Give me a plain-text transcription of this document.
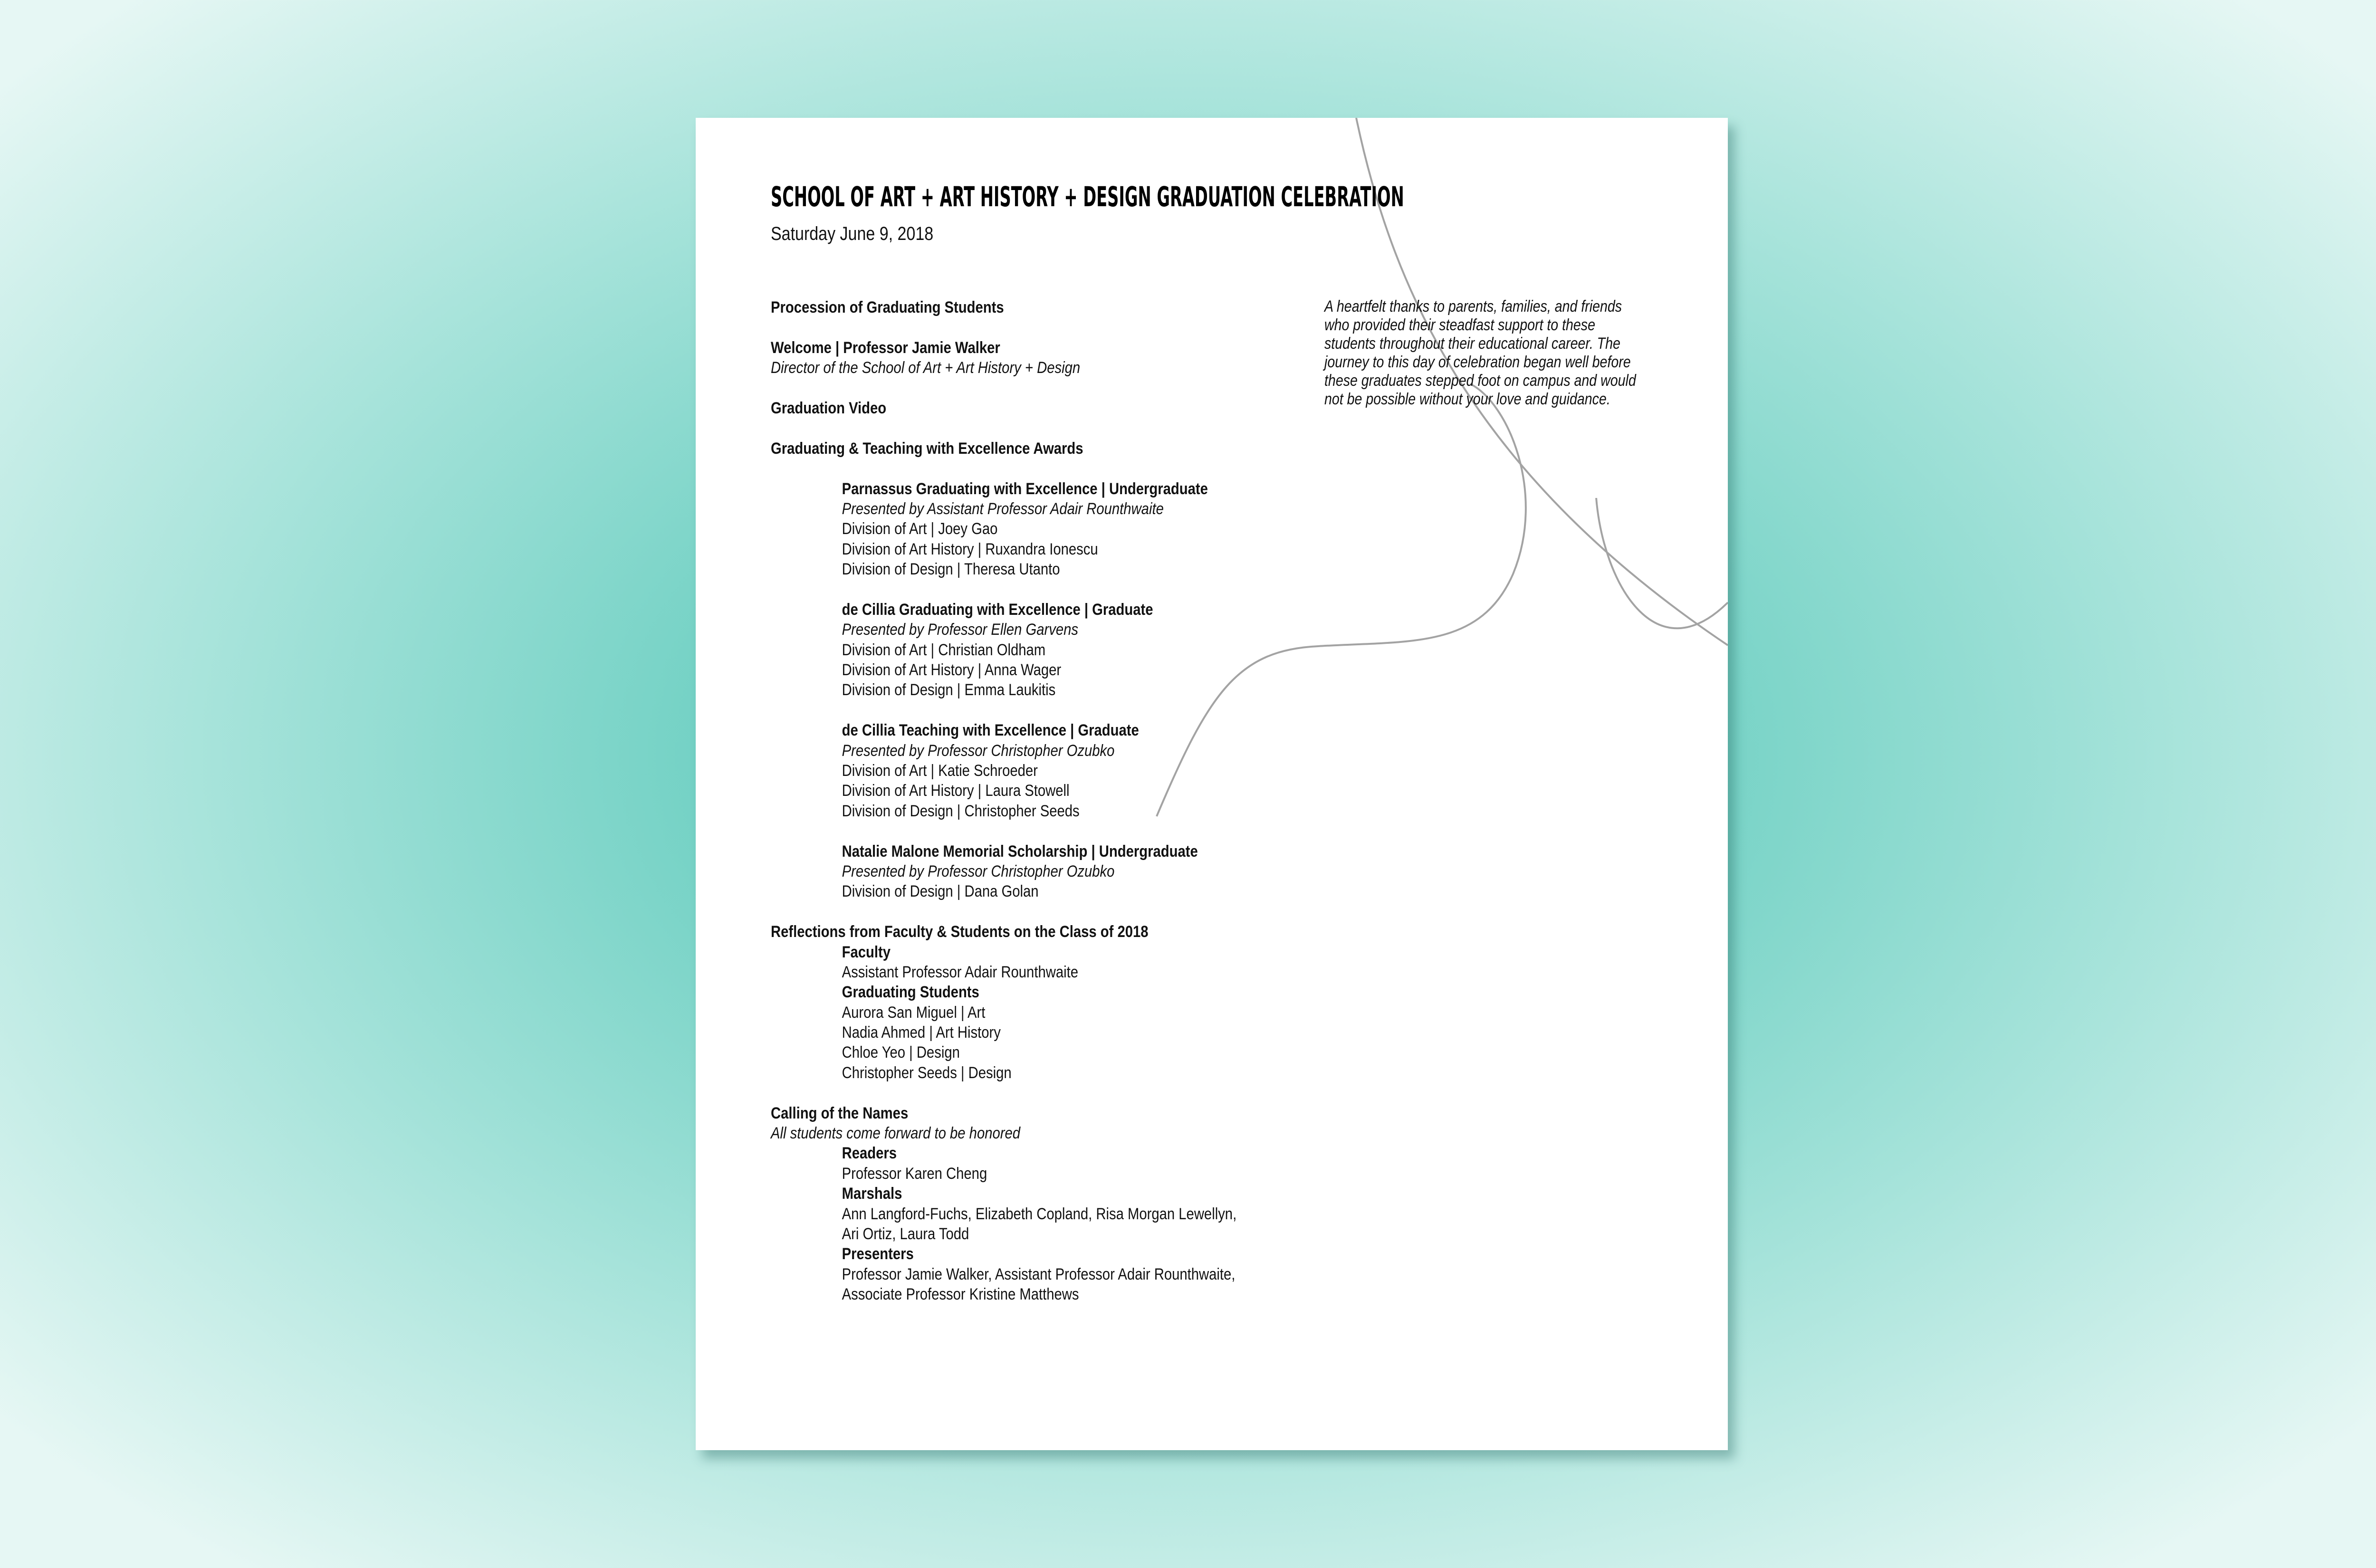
SCHOOL OF ART + ART HISTORY + DESIGN GRADUATION CELEBRATION
Saturday June 9, 2018
Procession of Graduating Students
Welcome | Professor Jamie Walker
Director of the School of Art + Art History + Design
Graduation Video
Graduating & Teaching with Excellence Awards
Parnassus Graduating with Excellence | Undergraduate
Presented by Assistant Professor Adair Rounthwaite
Division of Art | Joey Gao
Division of Art History | Ruxandra Ionescu
Division of Design | Theresa Utanto
de Cillia Graduating with Excellence | Graduate
Presented by Professor Ellen Garvens
Division of Art | Christian Oldham
Division of Art History | Anna Wager
Division of Design | Emma Laukitis
de Cillia Teaching with Excellence | Graduate
Presented by Professor Christopher Ozubko
Division of Art | Katie Schroeder
Division of Art History | Laura Stowell
Division of Design | Christopher Seeds
Natalie Malone Memorial Scholarship | Undergraduate
Presented by Professor Christopher Ozubko
Division of Design | Dana Golan
Reflections from Faculty & Students on the Class of 2018
Faculty
Assistant Professor Adair Rounthwaite
Graduating Students
Aurora San Miguel | Art
Nadia Ahmed | Art History
Chloe Yeo | Design
Christopher Seeds | Design
Calling of the Names
All students come forward to be honored
Readers
Professor Karen Cheng
Marshals
Ann Langford-Fuchs, Elizabeth Copland, Risa Morgan Lewellyn,
Ari Ortiz, Laura Todd
Presenters
Professor Jamie Walker, Assistant Professor Adair Rounthwaite,
Associate Professor Kristine Matthews
A heartfelt thanks to parents, families, and friends
who provided their steadfast support to these
students throughout their educational career. The
journey to this day of celebration began well before
these graduates stepped foot on campus and would
not be possible without your love and guidance.
